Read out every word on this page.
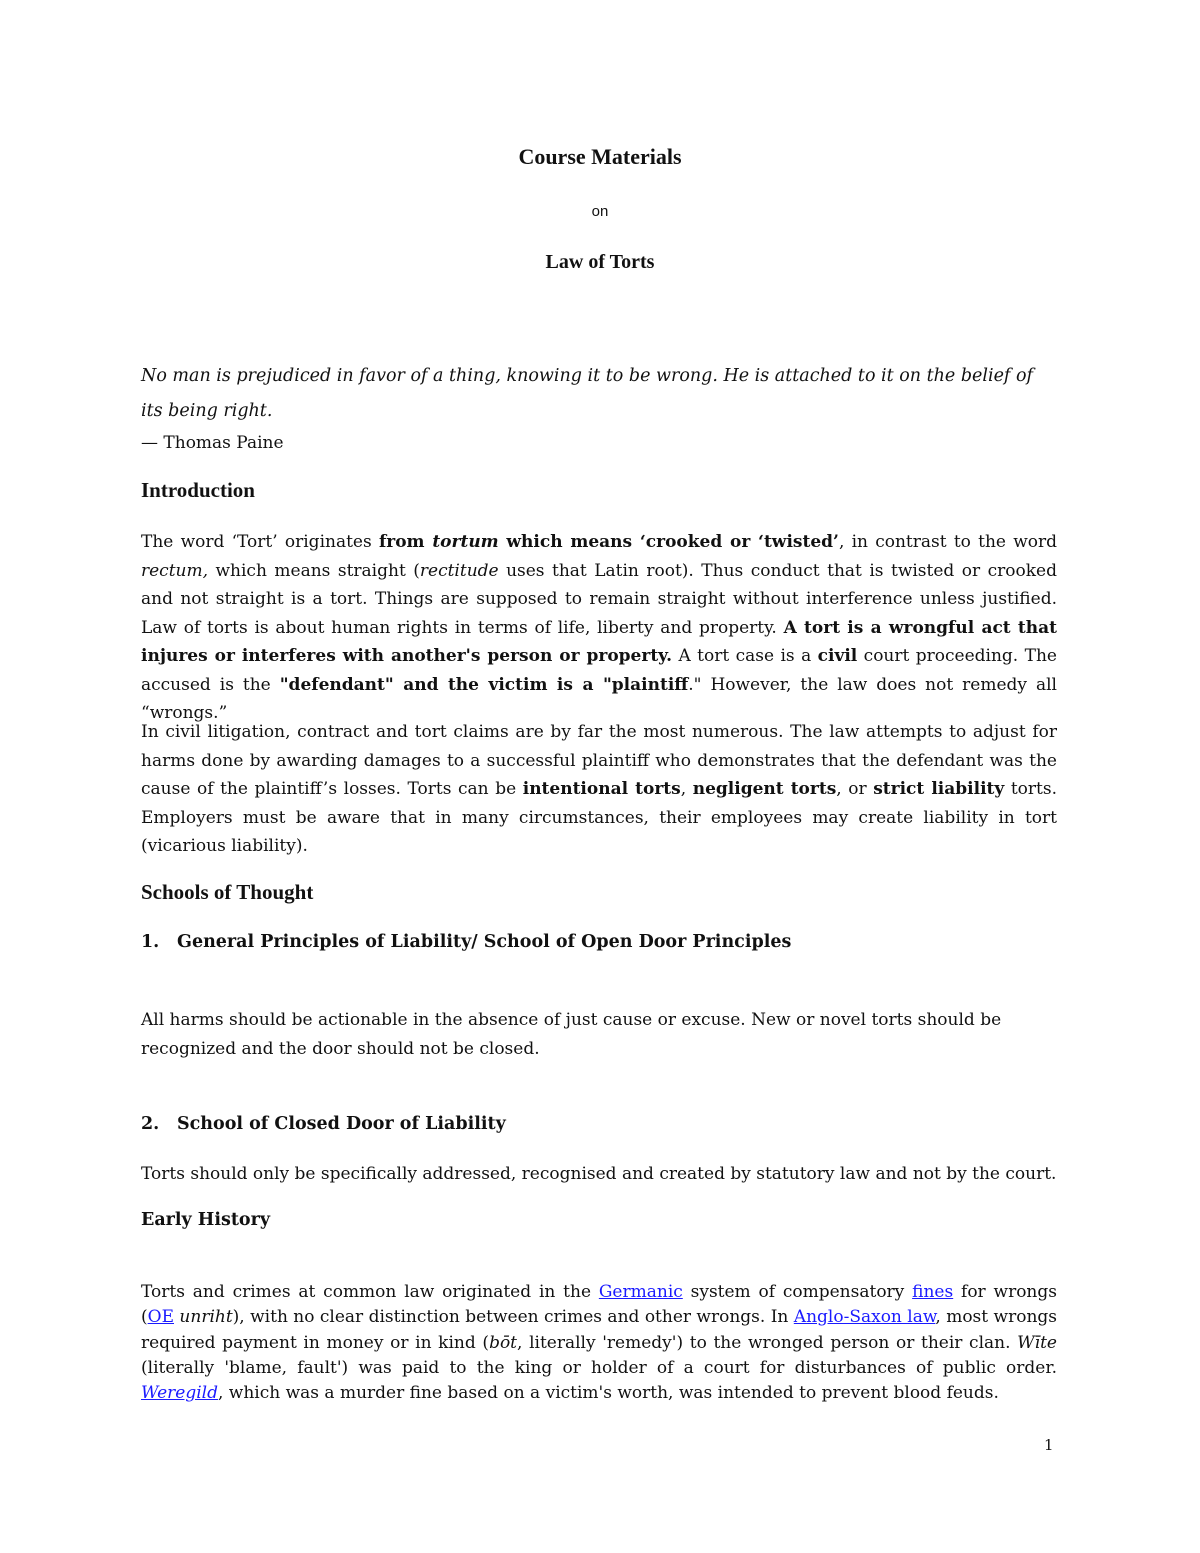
Course Materials
on
Law of Torts
No man is prejudiced in favor of a thing, knowing it to be wrong. He is attached to it on the belief of its being right.
— Thomas Paine
Introduction

The word ‘Tort’ originates from tortum which means ‘crooked or ‘twisted’, in contrast to the word rectum, which means straight (rectitude uses that Latin root). Thus conduct that is twisted or crooked and not straight is a tort. Things are supposed to remain straight without interference unless justified. Law of torts is about human rights in terms of life, liberty and property. A tort is a wrongful act that injures or interferes with another's person or property. A tort case is a civil court proceeding. The accused is the "defendant" and the victim is a "plaintiff." However, the law does not remedy all “wrongs.”

In civil litigation, contract and tort claims are by far the most numerous. The law attempts to adjust for harms done by awarding damages to a successful plaintiff who demonstrates that the defendant was the cause of the plaintiff’s losses. Torts can be intentional torts, negligent torts, or strict liability torts. Employers must be aware that in many circumstances, their employees may create liability in tort (vicarious liability).

Schools of Thought
1. General Principles of Liability/ School of Open Door Principles

All harms should be actionable in the absence of just cause or excuse. New or novel torts should be recognized and the door should not be closed.

2. School of Closed Door of Liability

Torts should only be specifically addressed, recognised and created by statutory law and not by the court.

Early History

Torts and crimes at common law originated in the Germanic system of compensatory fines for wrongs (OE unriht), with no clear distinction between crimes and other wrongs. In Anglo-Saxon law, most wrongs required payment in money or in kind (bōt, literally 'remedy') to the wronged person or their clan. Wīte (literally 'blame, fault') was paid to the king or holder of a court for disturbances of public order. Weregild, which was a murder fine based on a victim's worth, was intended to prevent blood feuds.

1
